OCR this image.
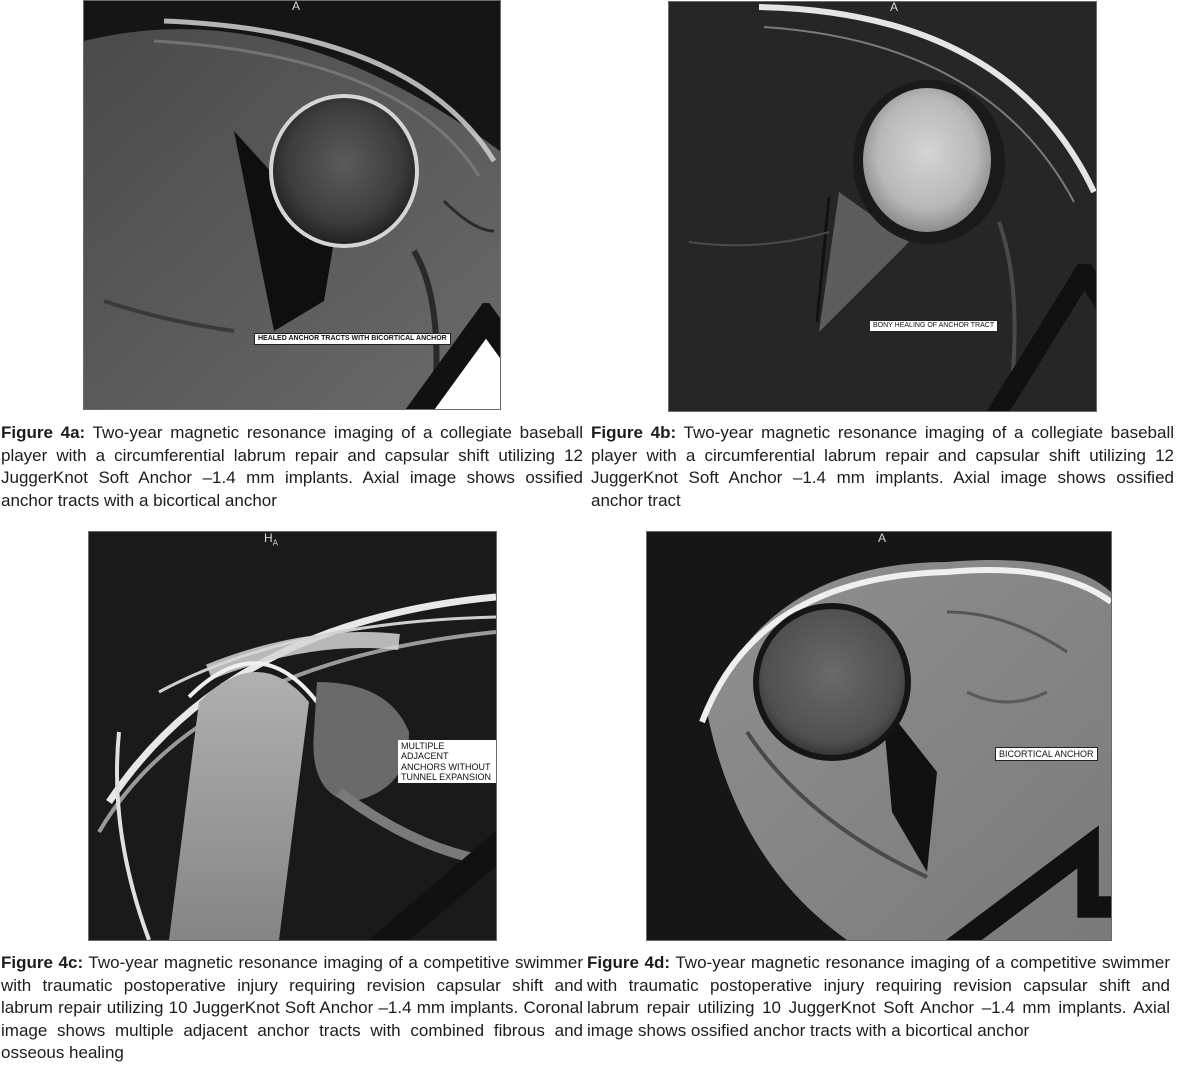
A
HEALED ANCHOR TRACTS WITH BICORTICAL ANCHOR
Figure 4a: Two-year magnetic resonance imaging of a collegiate baseball player with a circumferential labrum repair and capsular shift utilizing 12 JuggerKnot Soft Anchor –1.4 mm implants. Axial image shows ossified anchor tracts with a bicortical anchor
A
BONY HEALING OF ANCHOR TRACT
Figure 4b: Two-year magnetic resonance imaging of a collegiate baseball player with a circumferential labrum repair and capsular shift utilizing 12 JuggerKnot Soft Anchor –1.4 mm implants. Axial image shows ossified anchor tract
$H_A$
MULTIPLE ADJACENT
ANCHORS WITHOUT
TUNNEL EXPANSION
Figure 4c: Two-year magnetic resonance imaging of a competitive swimmer with traumatic postoperative injury requiring revision capsular shift and labrum repair utilizing 10 JuggerKnot Soft Anchor –1.4 mm implants. Coronal image shows multiple adjacent anchor tracts with combined fibrous and osseous healing
A
BICORTICAL ANCHOR
Figure 4d: Two-year magnetic resonance imaging of a competitive swimmer with traumatic postoperative injury requiring revision capsular shift and labrum repair utilizing 10 JuggerKnot Soft Anchor –1.4 mm implants. Axial image shows ossified anchor tracts with a bicortical anchor
